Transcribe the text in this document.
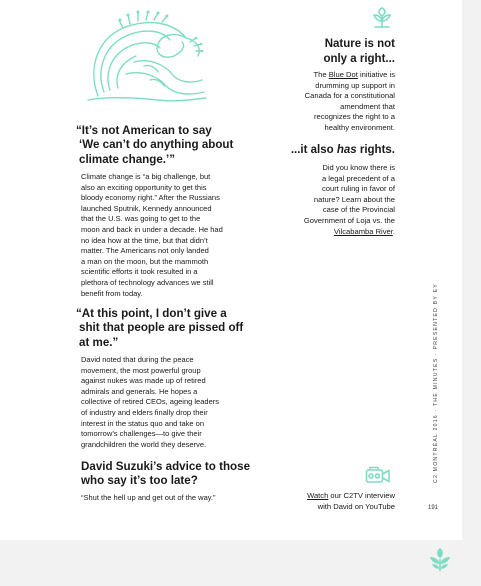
Nature is not
only a right...
The Blue Dot initiative is
drumming up support in
Canada for a constitutional
amendment that
recognizes the right to a
healthy environment.
...it also has rights.
Did you know there is
a legal precedent of a
court ruling in favor of
nature? Learn about the
case of the Provincial
Government of Loja vs. the
Vilcabamba River.
Watch our C2TV interview
with David on YouTube
“It’s not American to say
‘We can’t do anything about
climate change.’”
Climate change is “a big challenge, but
also an exciting opportunity to get this
bloody economy right.” After the Russians
launched Sputnik, Kennedy announced
that the U.S. was going to get to the
moon and back in under a decade. He had
no idea how at the time, but that didn’t
matter. The Americans not only landed
a man on the moon, but the mammoth
scientific efforts it took resulted in a
plethora of technology advances we still
benefit from today.
“At this point, I don’t give a
shit that people are pissed off
at me.”
David noted that during the peace
movement, the most powerful group
against nukes was made up of retired
admirals and generals. He hopes a
collective of retired CEOs, ageing leaders
of industry and elders finally drop their
interest in the status quo and take on
tomorrow’s challenges—to give their
grandchildren the world they deserve.
David Suzuki’s advice to those
who say it’s too late?
“Shut the hell up and get out of the way.”
C2 MONTRÉAL 2016 · THE MINUTES · PRESENTED BY EY
191
